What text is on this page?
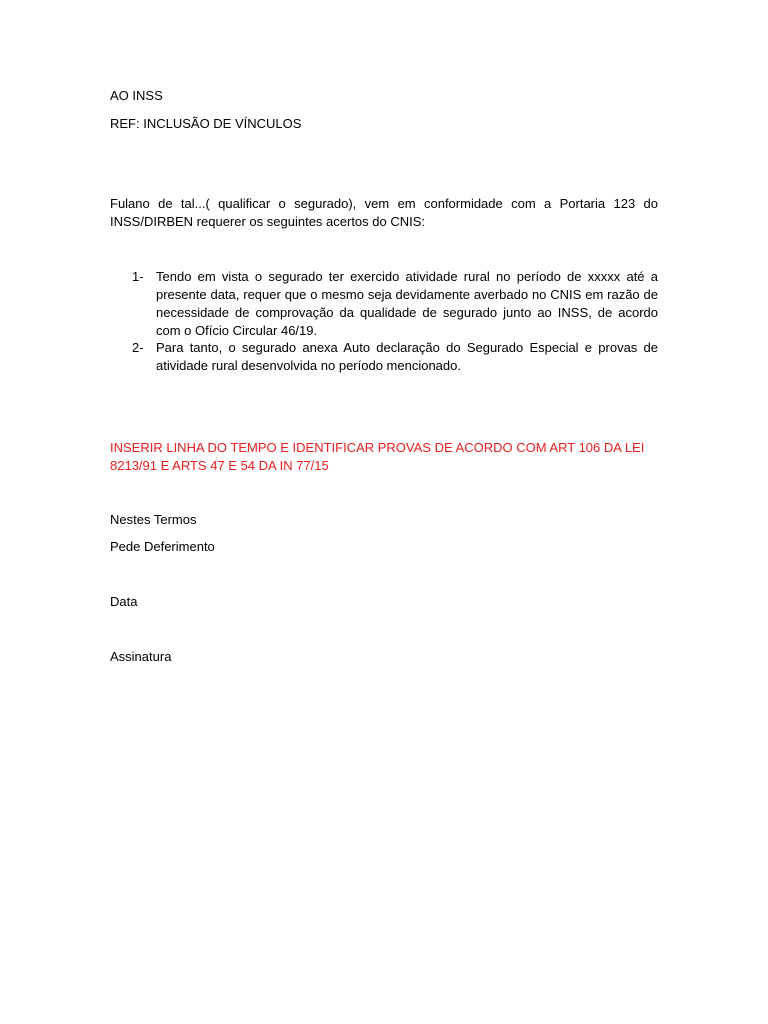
AO INSS
REF: INCLUSÃO DE VÍNCULOS
Fulano de tal...( qualificar o segurado), vem em conformidade com a Portaria 123 do INSS/DIRBEN requerer os seguintes acertos do CNIS:
1- Tendo em vista o segurado ter exercido atividade rural no período de xxxxx até a presente data, requer que o mesmo seja devidamente averbado no CNIS em razão de necessidade de comprovação da qualidade de segurado junto ao INSS, de acordo com o Ofício Circular 46/19.
2- Para tanto, o segurado anexa Auto declaração do Segurado Especial e provas de atividade rural desenvolvida no período mencionado.
INSERIR LINHA DO TEMPO E IDENTIFICAR PROVAS DE ACORDO COM ART 106 DA LEI 8213/91 E ARTS 47 E 54 DA IN 77/15
Nestes Termos
Pede Deferimento
Data
Assinatura
